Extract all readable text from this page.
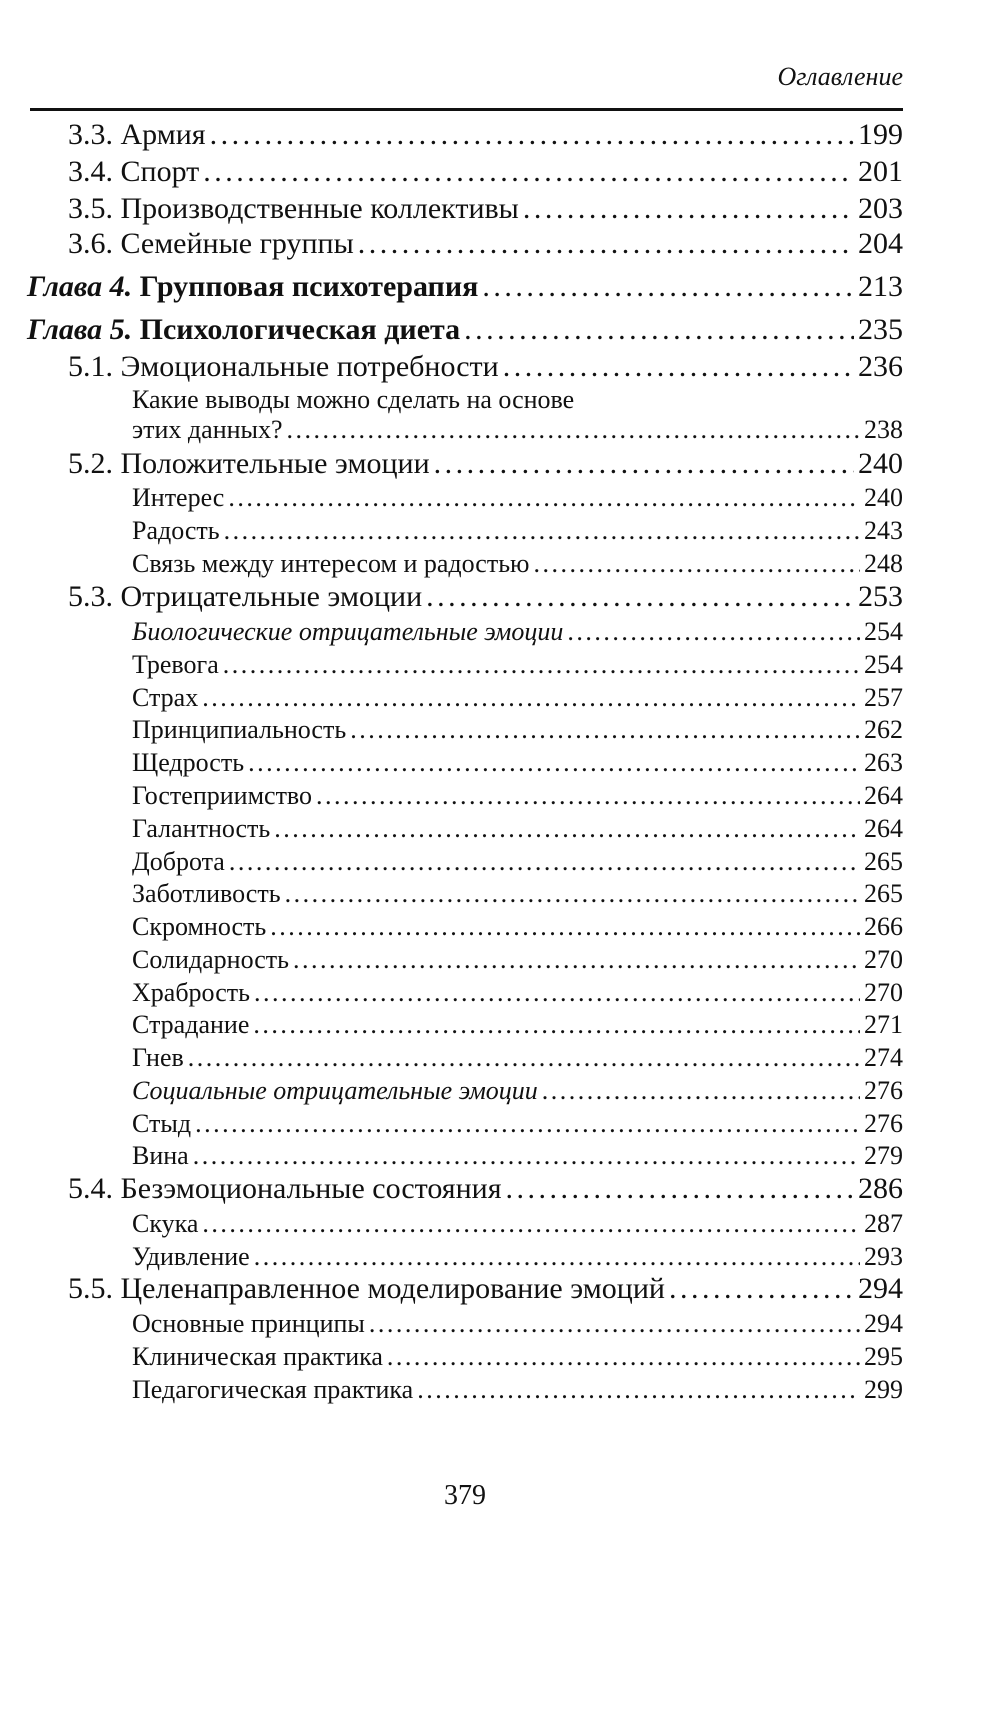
Оглавление
3.3. Армия . . .	199
3.4. Спорт . . .	201
3.5. Производственные коллективы . . .	203
3.6. Семейные группы . . .	204
Глава 4. Групповая психотерапия . . .	213
Глава 5. Психологическая диета . . .	235
5.1. Эмоциональные потребности . . .	236
Какие выводы можно сделать на основе
этих данных? . . .	238
5.2. Положительные эмоции . . .	240
Интерес . . .	240
Радость . . .	243
Связь между интересом и радостью . . .	248
5.3. Отрицательные эмоции . . .	253
Биологические отрицательные эмоции . . .	254
Тревога . . .	254
Страх . . .	257
Принципиальность . . .	262
Щедрость . . .	263
Гостеприимство . . .	264
Галантность . . .	264
Доброта . . .	265
Заботливость . . .	265
Скромность . . .	266
Солидарность . . .	270
Храбрость . . .	270
Страдание . . .	271
Гнев . . .	274
Социальные отрицательные эмоции . . .	276
Стыд . . .	276
Вина . . .	279
5.4. Безэмоциональные состояния . . .	286
Скука . . .	287
Удивление . . .	293
5.5. Целенаправленное моделирование эмоций . . .	294
Основные принципы . . .	294
Клиническая практика . . .	295
Педагогическая практика . . .	299
379
